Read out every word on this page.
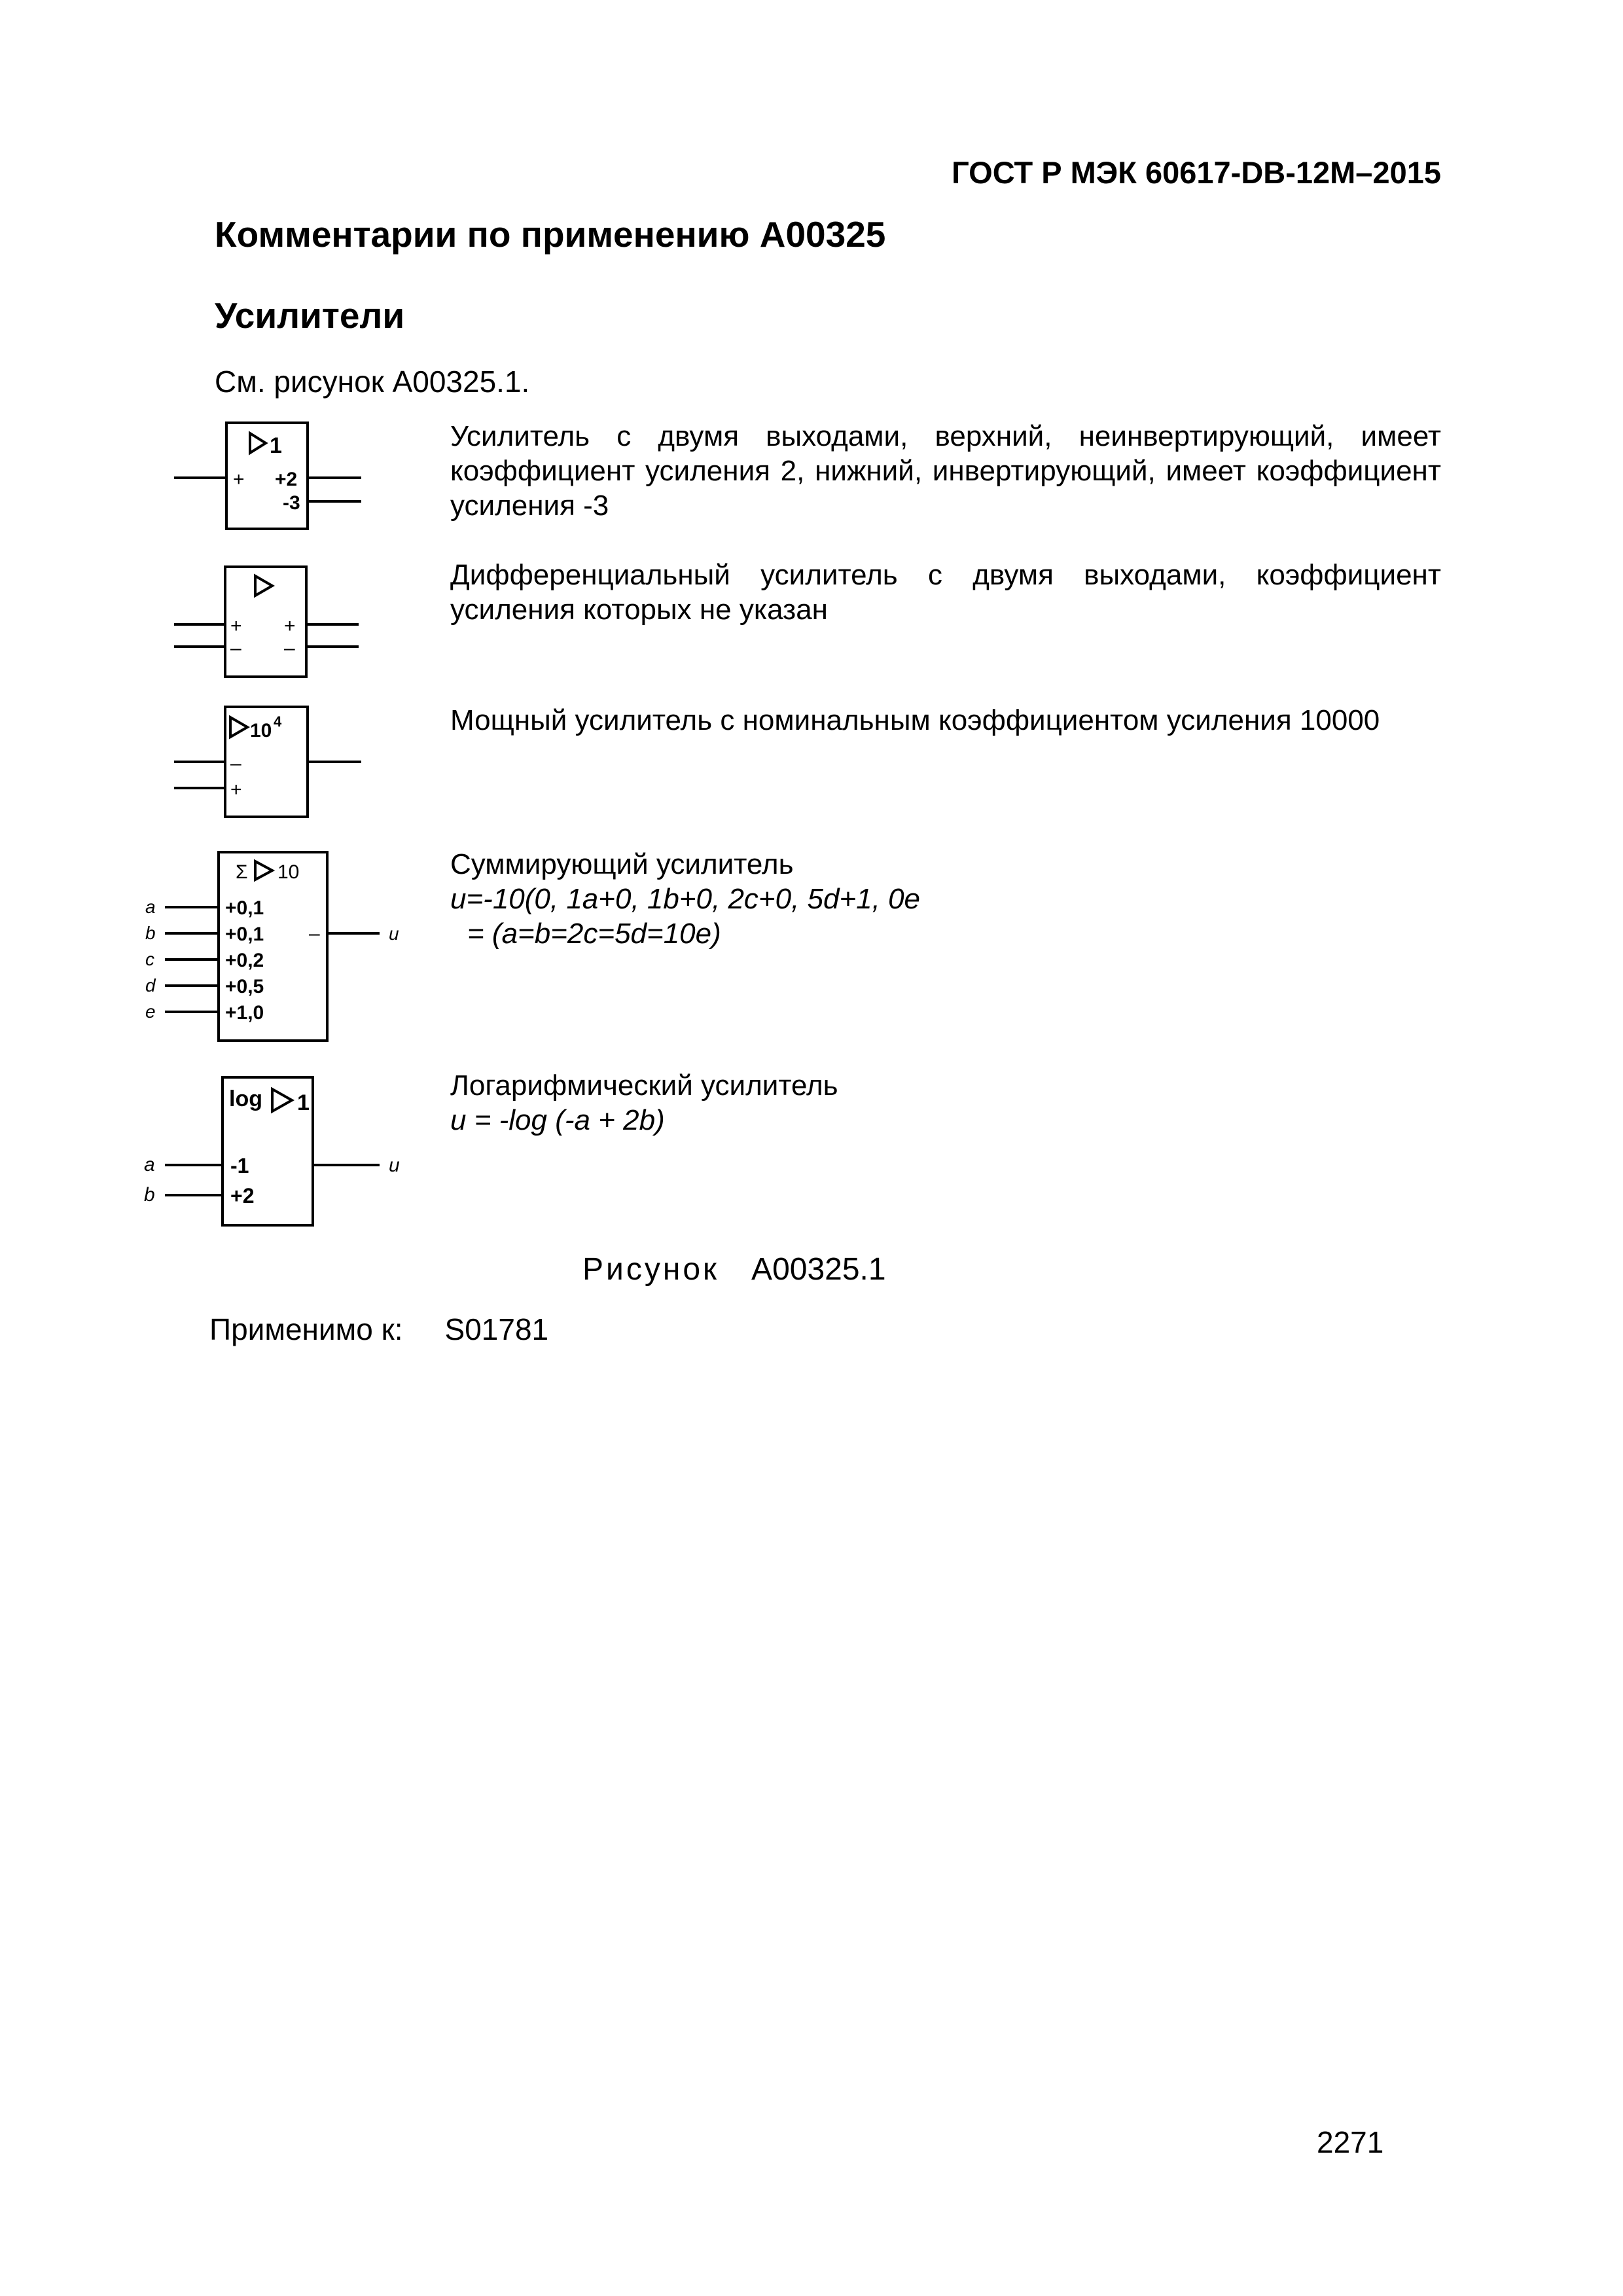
ГОСТ Р МЭК 60617-DB-12M–2015
Комментарии по применению A00325
Усилители
См. рисунок A00325.1.
1
+ +2
-3

Усилитель с двумя выходами, верхний, неинвертирующий, имеет коэффициент усиления 2, нижний, инвертирующий, имеет коэффициент усиления -3

+
–
+
–

Дифференциальный усилитель с двумя выходами, коэффициент усиления которых не указан

10 4
–
+

Мощный усилитель с номинальным коэффициентом усиления 10000

Σ 10
a	+0,1
b	+0,1
c	+0,2
d	+0,5
e	+1,0
–	u

Суммирующий усилитель

u=-10(0, 1a+0, 1b+0, 2c+0, 5d+1, 0e

= (a=b=2c=5d=10e)

log 1
a	-1
b	+2
u

Логарифмический усилитель

u = -log (-a + 2b)

Рисунок A00325.1
Применимо к: S01781
2271
